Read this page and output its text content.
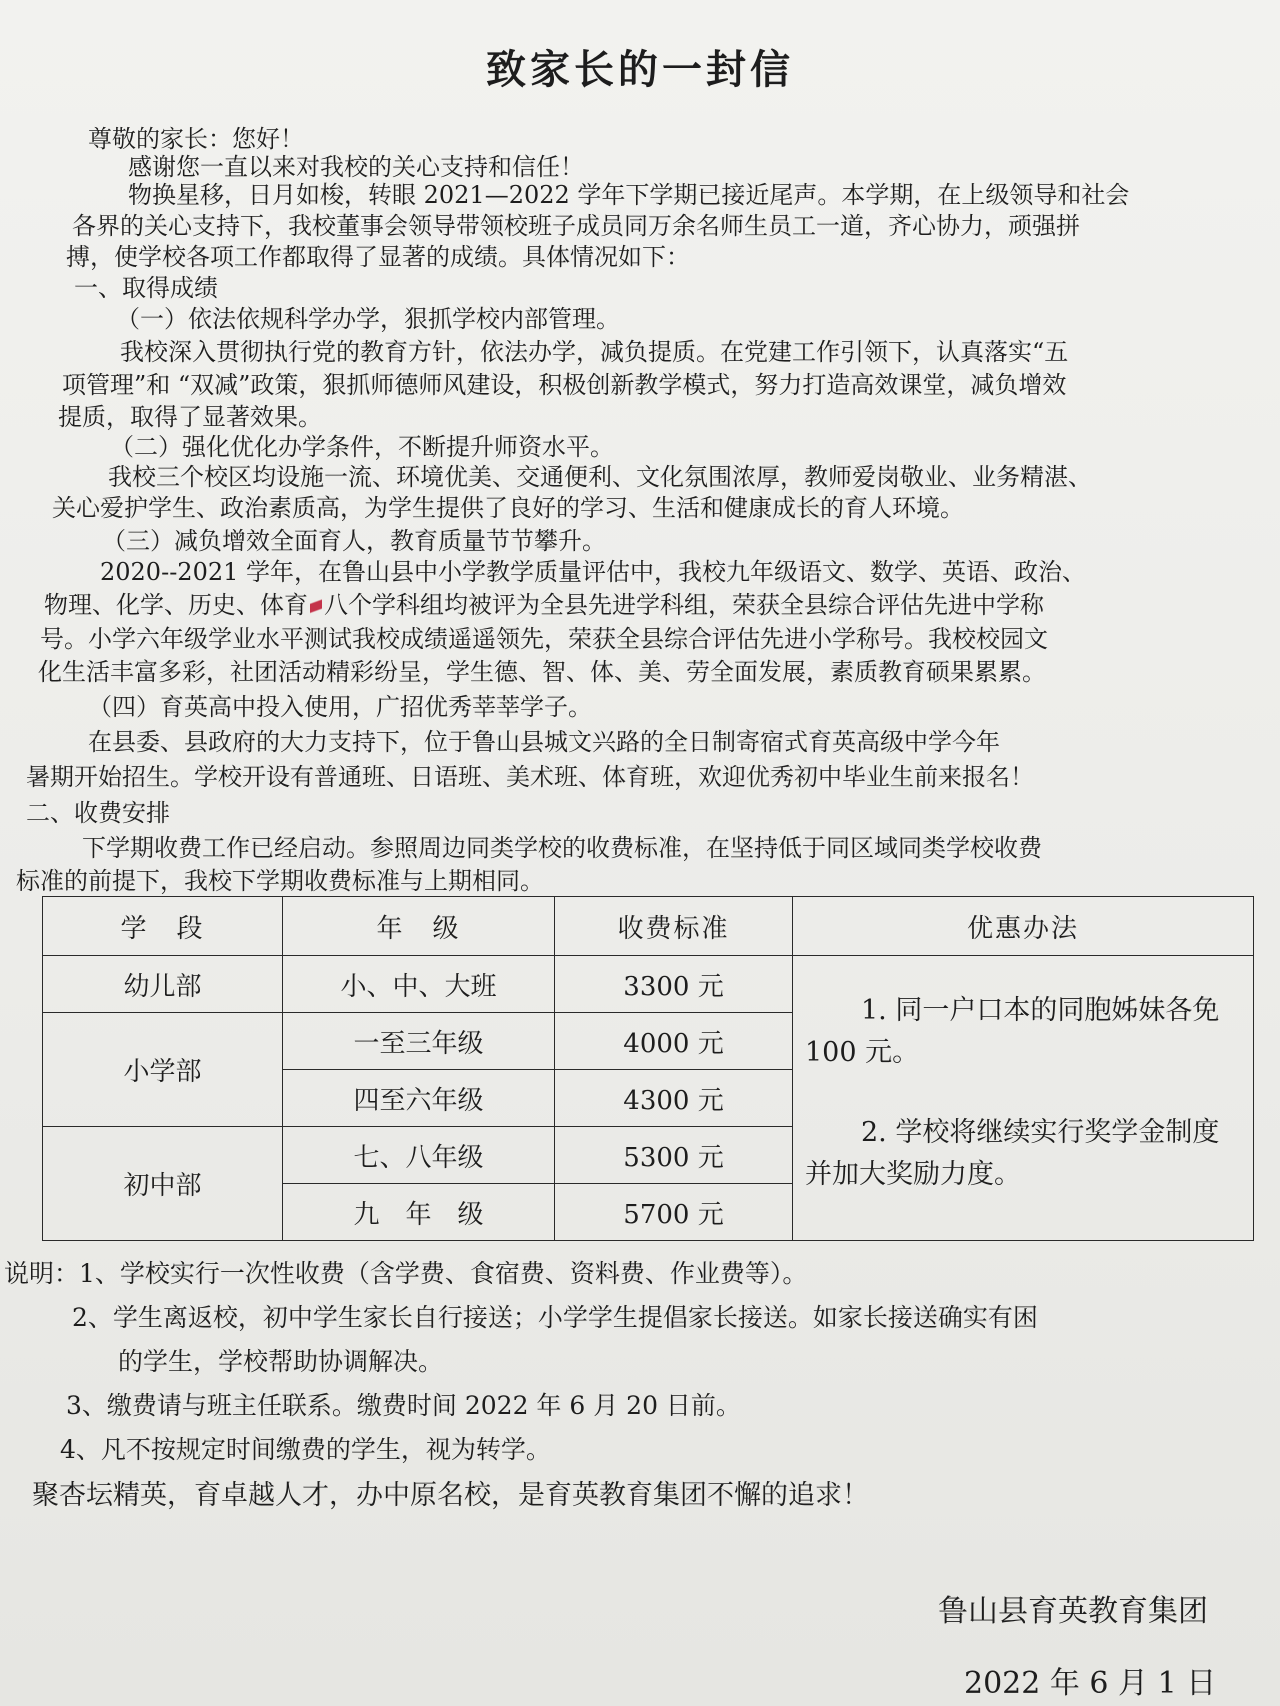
致家长的一封信
尊敬的家长：您好！
感谢您一直以来对我校的关心支持和信任！
物换星移，日月如梭，转眼 2021—2022 学年下学期已接近尾声。本学期，在上级领导和社会
各界的关心支持下，我校董事会领导带领校班子成员同万余名师生员工一道，齐心协力，顽强拼
搏，使学校各项工作都取得了显著的成绩。具体情况如下：
一、取得成绩
（一）依法依规科学办学，狠抓学校内部管理。
我校深入贯彻执行党的教育方针，依法办学，减负提质。在党建工作引领下，认真落实“五
项管理”和 “双减”政策，狠抓师德师风建设，积极创新教学模式，努力打造高效课堂，减负增效
提质，取得了显著效果。
（二）强化优化办学条件，不断提升师资水平。
我校三个校区均设施一流、环境优美、交通便利、文化氛围浓厚，教师爱岗敬业、业务精湛、
关心爱护学生、政治素质高，为学生提供了良好的学习、生活和健康成长的育人环境。
（三）减负增效全面育人，教育质量节节攀升。
2020--2021 学年，在鲁山县中小学教学质量评估中，我校九年级语文、数学、英语、政治、
物理、化学、历史、体育 八个学科组均被评为全县先进学科组，荣获全县综合评估先进中学称
号。小学六年级学业水平测试我校成绩遥遥领先，荣获全县综合评估先进小学称号。我校校园文
化生活丰富多彩，社团活动精彩纷呈，学生德、智、体、美、劳全面发展，素质教育硕果累累。
（四）育英高中投入使用，广招优秀莘莘学子。
在县委、县政府的大力支持下，位于鲁山县城文兴路的全日制寄宿式育英高级中学今年
暑期开始招生。学校开设有普通班、日语班、美术班、体育班，欢迎优秀初中毕业生前来报名！
二、收费安排
下学期收费工作已经启动。参照周边同类学校的收费标准，在坚持低于同区域同类学校收费
标准的前提下，我校下学期收费标准与上期相同。
学　段	年　级	收费标准	优惠办法
幼儿部	小、中、大班	3300 元	1. 同一户口本的同胞姊妹各免 100 元。

2. 学校将继续实行奖学金制度并加大奖励力度。

小学部	一至三年级	4000 元	
	四至六年级	4300 元	
初中部	七、八年级	5300 元	
	九　年　级	5700 元	
说明：1、学校实行一次性收费（含学费、食宿费、资料费、作业费等）。
2、学生离返校，初中学生家长自行接送；小学学生提倡家长接送。如家长接送确实有困
的学生，学校帮助协调解决。
3、缴费请与班主任联系。缴费时间 2022 年 6 月 20 日前。
4、凡不按规定时间缴费的学生，视为转学。
聚杏坛精英，育卓越人才，办中原名校，是育英教育集团不懈的追求！
鲁山县育英教育集团
2022 年 6 月 1 日
